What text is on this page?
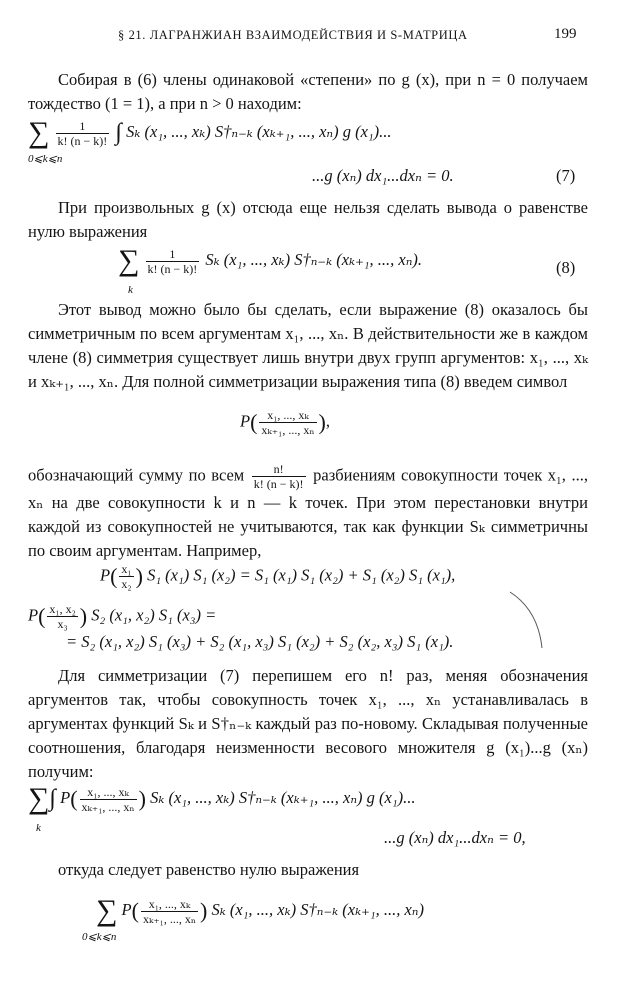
§ 21. ЛАГРАНЖИАН ВЗАИМОДЕЙСТВИЯ И S-МАТРИЦА	199

Собирая в (6) члены одинаковой «степени» по g (x), при n = 0 получаем тождество (1 = 1), а при n > 0 находим:

∑ $\frac{1}{k! (n - k)!}$ ∫ Sₖ (x₁, ..., xₖ) S†ₙ₋ₖ (xₖ₊₁, ..., xₙ) g (x₁)...
0⩽k⩽n
...g (xₙ) dx₁...dxₙ = 0.	(7)

При произвольных g (x) отсюда еще нельзя сделать вывода о равенстве нулю выражения

∑ $\frac{1}{k! (n - k)!}$ Sₖ (x₁, ..., xₖ) S†ₙ₋ₖ (xₖ₊₁, ..., xₙ).
k
(8)

Этот вывод можно было бы сделать, если выражение (8) оказалось бы симметричным по всем аргументам x₁, ..., xₙ. В действительности же в каждом члене (8) симметрия существует лишь внутри двух групп аргументов: x₁, ..., xₖ и xₖ₊₁, ..., xₙ. Для полной симметризации выражения типа (8) введем символ

$P( \frac{\text{x₁, ..., xₖ}}{\text{xₖ₊₁, ..., xₙ}}$ ),

обозначающий сумму по всем $\frac{n!}{k! (n - k)!}$ разбиениям совокупности точек x₁, ..., xₙ на две совокупности k и n — k точек. При этом перестановки внутри каждой из совокупностей не учитываются, так как функции Sₖ симметричны по своим аргументам. Например,

$P( \frac{\text{x₁}}{\text{x₂}}$ ) S₁ (x₁) S₁ (x₂) = S₁ (x₁) S₁ (x₂) + S₁ (x₂) S₁ (x₁),
$P( \frac{\text{x₁, x₂}}{\text{x₃}}$ ) S₂ (x₁, x₂) S₁ (x₃) =
= S₂ (x₁, x₂) S₁ (x₃) + S₂ (x₁, x₃) S₁ (x₂) + S₂ (x₂, x₃) S₁ (x₁).

Для симметризации (7) перепишем его n! раз, меняя обозначения аргументов так, чтобы совокупность точек x₁, ..., xₙ устанавливалась в аргументах функций Sₖ и S†ₙ₋ₖ каждый раз по-новому. Складывая полученные соотношения, благодаря неизменности весового множителя g (x₁)...g (xₙ) получим:

∑∫ $P( \frac{\text{x₁, ..., xₖ}}{\text{xₖ₊₁, ..., xₙ}}$ ) Sₖ (x₁, ..., xₖ) S†ₙ₋ₖ (xₖ₊₁, ..., xₙ) g (x₁)...
k	...g (xₙ) dx₁...dxₙ = 0,

откуда следует равенство нулю выражения

∑ $P( \frac{\text{x₁, ..., xₖ}}{\text{xₖ₊₁, ..., xₙ}}$ ) Sₖ (x₁, ..., xₖ) S†ₙ₋ₖ (xₖ₊₁, ..., xₙ)
0⩽k⩽n
